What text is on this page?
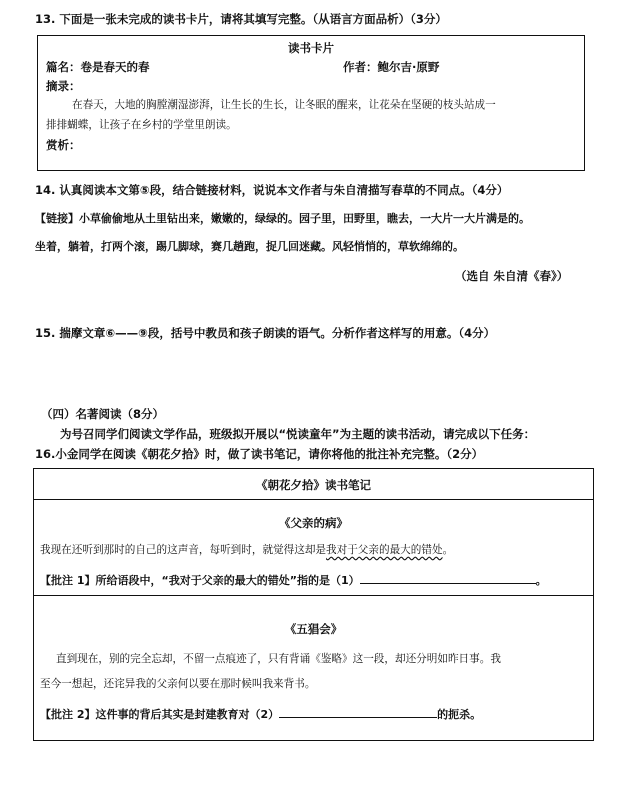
13. 下面是一张未完成的读书卡片，请将其填写完整。（从语言方面品析）（3分）
读书卡片
篇名：卷是春天的春	作者：鲍尔吉·原野
摘录：
在春天，大地的胸膛潮湿澎湃，让生长的生长，让冬眠的醒来，让花朵在坚硬的枝头站成一
排排蝴蝶，让孩子在乡村的学堂里朗读。
赏析：
14. 认真阅读本文第⑤段，结合链接材料，说说本文作者与朱自清描写春草的不同点。（4分）
【链接】小草偷偷地从土里钻出来，嫩嫩的，绿绿的。园子里，田野里，瞧去，一大片一大片满是的。
坐着，躺着，打两个滚，踢几脚球，赛几趟跑，捉几回迷藏。风轻悄悄的，草软绵绵的。
（选自 朱自清《春》）
15. 揣摩文章⑥——⑨段，括号中教员和孩子朗读的语气。分析作者这样写的用意。（4分）
（四）名著阅读（8分）
为号召同学们阅读文学作品，班级拟开展以“悦读童年”为主题的读书活动，请完成以下任务：
16.小金同学在阅读《朝花夕拾》时，做了读书笔记，请你将他的批注补充完整。（2分）
《朝花夕拾》读书笔记
《父亲的病》
我现在还听到那时的自己的这声音，每听到时，就觉得这却是我对于父亲的最大的错处。
【批注 1】所给语段中，“我对于父亲的最大的错处”指的是（1）	。
《五猖会》
直到现在，别的完全忘却，不留一点痕迹了，只有背诵《鉴略》这一段，却还分明如昨日事。我
至今一想起，还诧异我的父亲何以要在那时候叫我来背书。
【批注 2】这件事的背后其实是封建教育对（2）	的扼杀。
